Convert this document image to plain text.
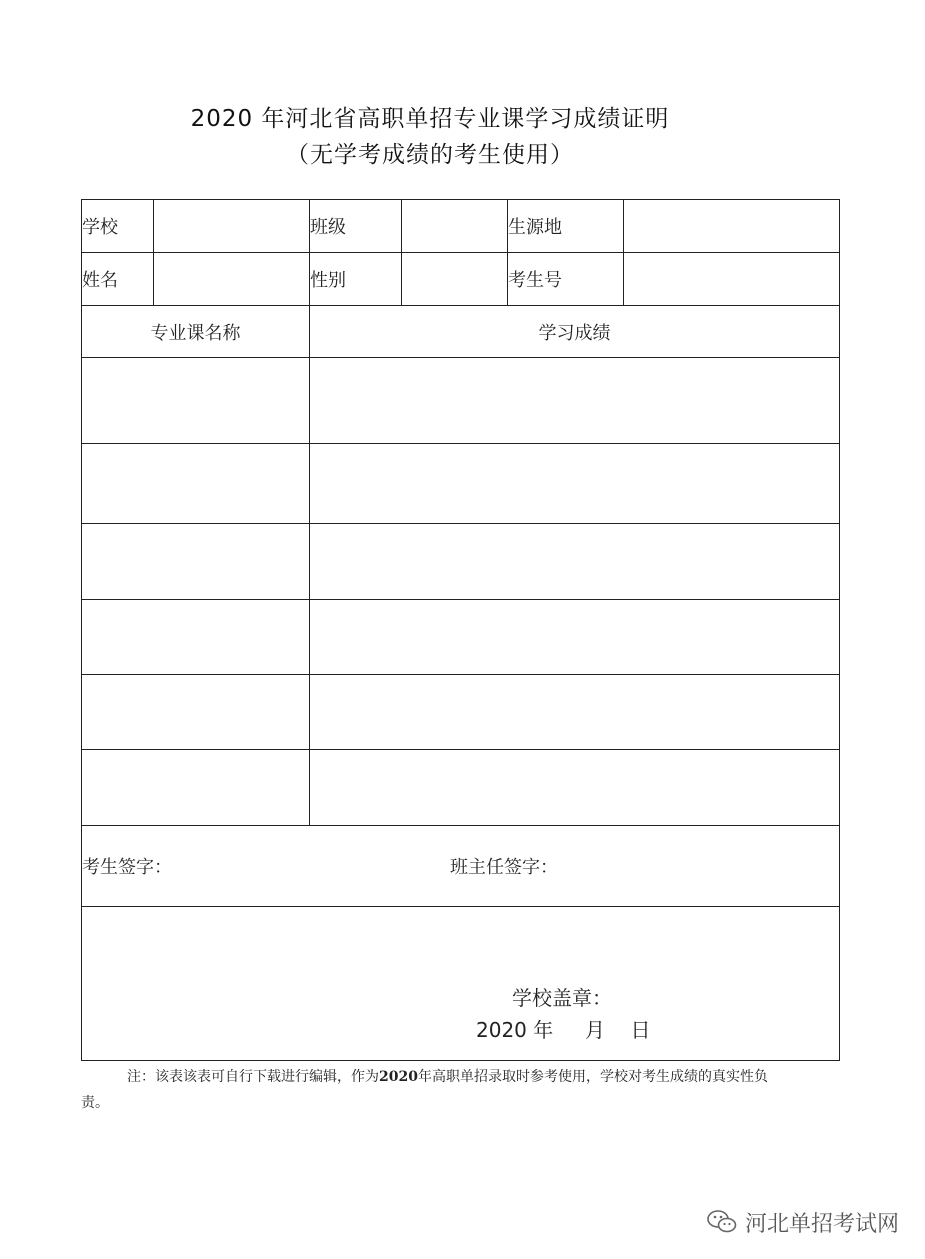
2020 年河北省高职单招专业课学习成绩证明
（无学考成绩的考生使用）
学校		班级		生源地	
姓名		性别		考生号	
专业课名称		学习成绩			

考生签字： 班主任签字：					

学校盖章：
2020 年     月    日					
注：该表该表可自行下载进行编辑，作为2020年高职单招录取时参考使用，学校对考生成绩的真实性负责。
河北单招考试网
